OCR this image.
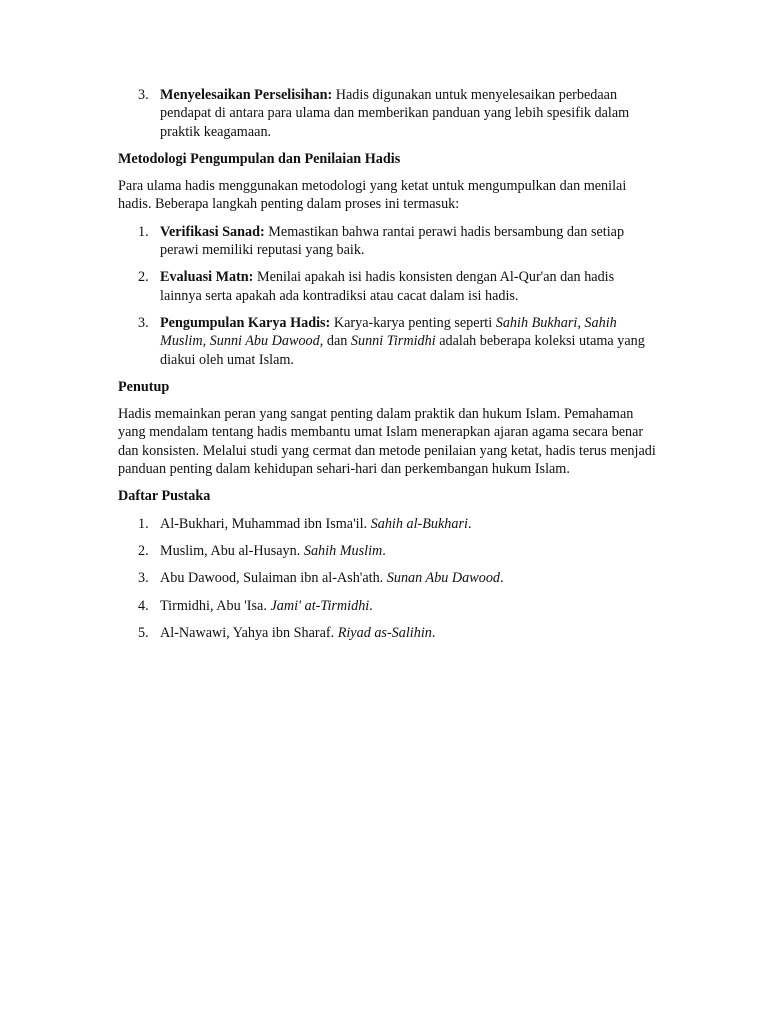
3. Menyelesaikan Perselisihan: Hadis digunakan untuk menyelesaikan perbedaan pendapat di antara para ulama dan memberikan panduan yang lebih spesifik dalam praktik keagamaan.
Metodologi Pengumpulan dan Penilaian Hadis
Para ulama hadis menggunakan metodologi yang ketat untuk mengumpulkan dan menilai hadis. Beberapa langkah penting dalam proses ini termasuk:
1. Verifikasi Sanad: Memastikan bahwa rantai perawi hadis bersambung dan setiap perawi memiliki reputasi yang baik.
2. Evaluasi Matn: Menilai apakah isi hadis konsisten dengan Al-Qur'an dan hadis lainnya serta apakah ada kontradiksi atau cacat dalam isi hadis.
3. Pengumpulan Karya Hadis: Karya-karya penting seperti Sahih Bukhari, Sahih Muslim, Sunni Abu Dawood, dan Sunni Tirmidhi adalah beberapa koleksi utama yang diakui oleh umat Islam.
Penutup
Hadis memainkan peran yang sangat penting dalam praktik dan hukum Islam. Pemahaman yang mendalam tentang hadis membantu umat Islam menerapkan ajaran agama secara benar dan konsisten. Melalui studi yang cermat dan metode penilaian yang ketat, hadis terus menjadi panduan penting dalam kehidupan sehari-hari dan perkembangan hukum Islam.
Daftar Pustaka
1. Al-Bukhari, Muhammad ibn Isma'il. Sahih al-Bukhari.
2. Muslim, Abu al-Husayn. Sahih Muslim.
3. Abu Dawood, Sulaiman ibn al-Ash'ath. Sunan Abu Dawood.
4. Tirmidhi, Abu 'Isa. Jami' at-Tirmidhi.
5. Al-Nawawi, Yahya ibn Sharaf. Riyad as-Salihin.
